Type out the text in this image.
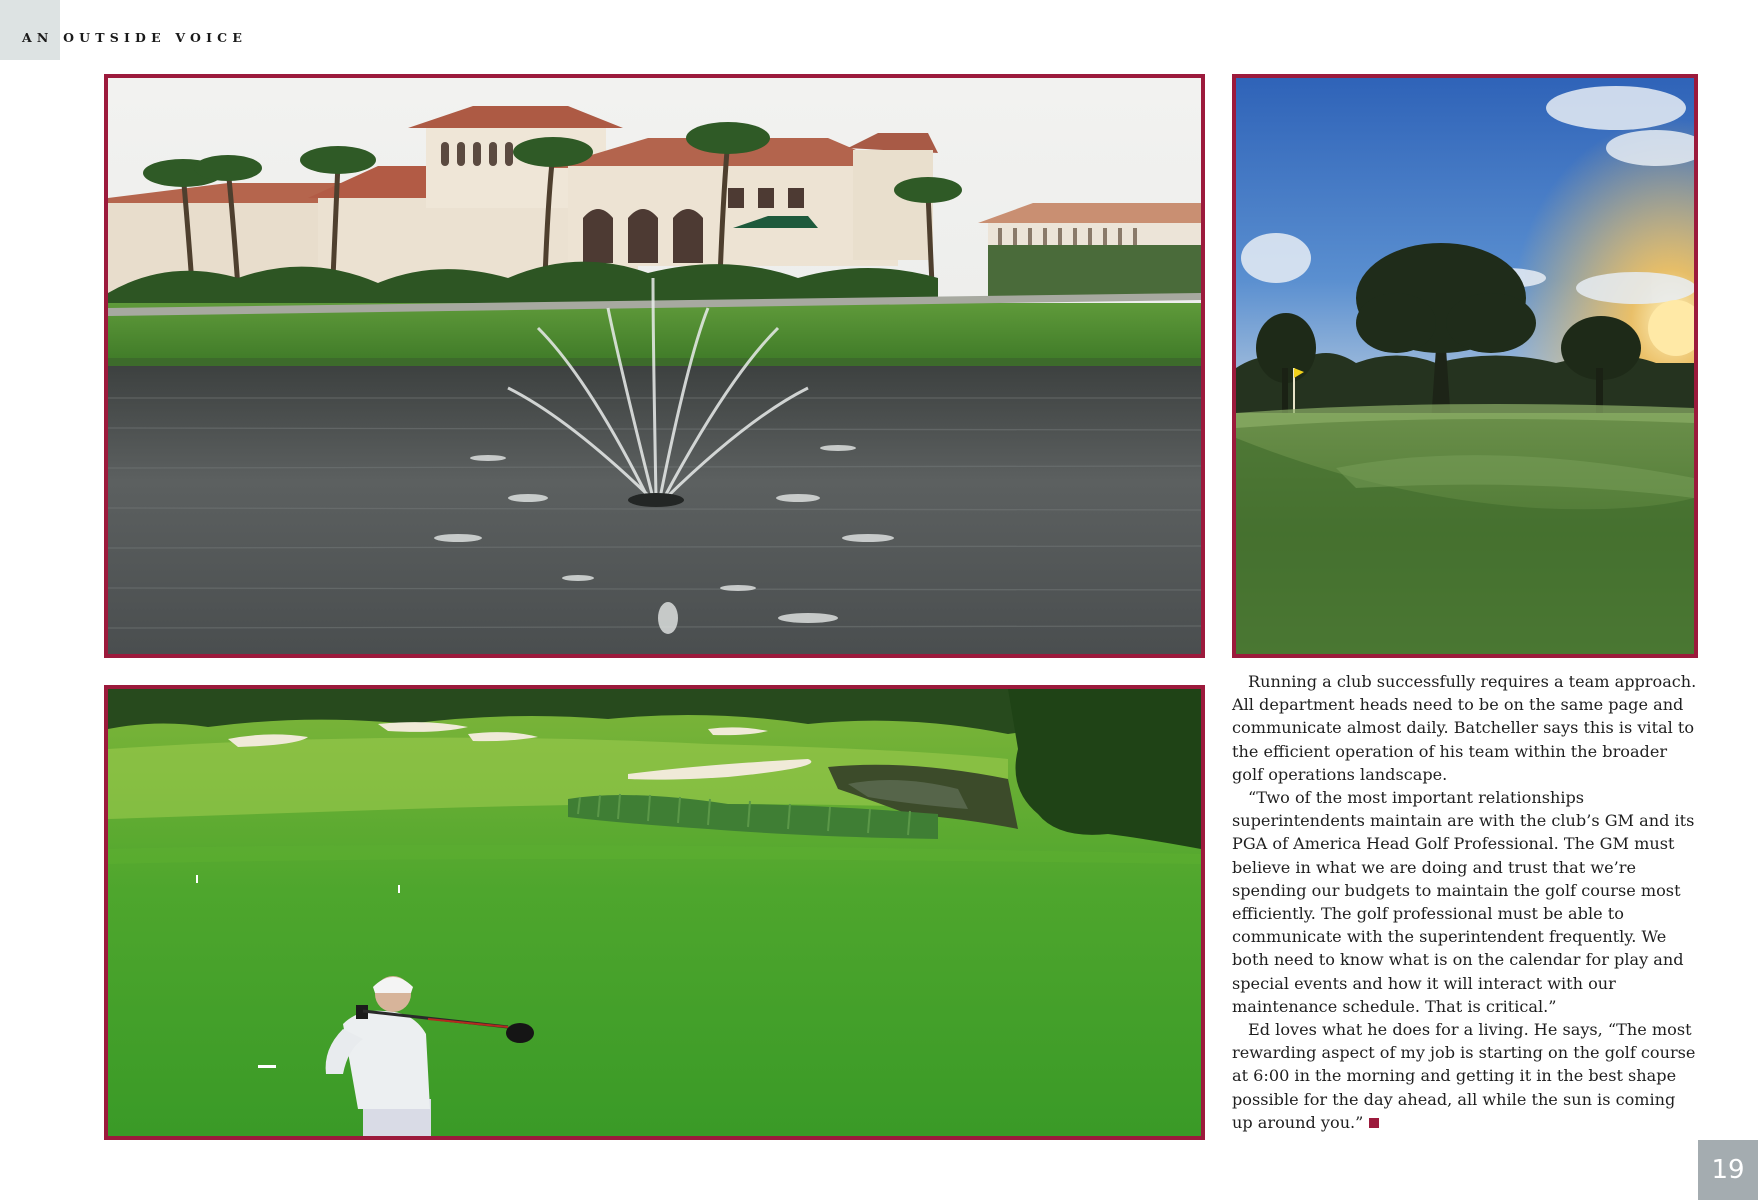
AN OUTSIDE VOICE

Running a club successfully requires a team approach. All department heads need to be on the same page and communicate almost daily. Batcheller says this is vital to the efficient operation of his team within the broader golf operations landscape.

“Two of the most important relationships superintendents maintain are with the club’s GM and its PGA of America Head Golf Professional. The GM must believe in what we are doing and trust that we’re spending our budgets to maintain the golf course most efficiently. The golf professional must be able to communicate with the superintendent frequently. We both need to know what is on the calendar for play and special events and how it will interact with our maintenance schedule. That is critical.”

Ed loves what he does for a living. He says, “The most rewarding aspect of my job is starting on the golf course at 6:00 in the morning and getting it in the best shape possible for the day ahead, all while the sun is coming up around you.”

19
